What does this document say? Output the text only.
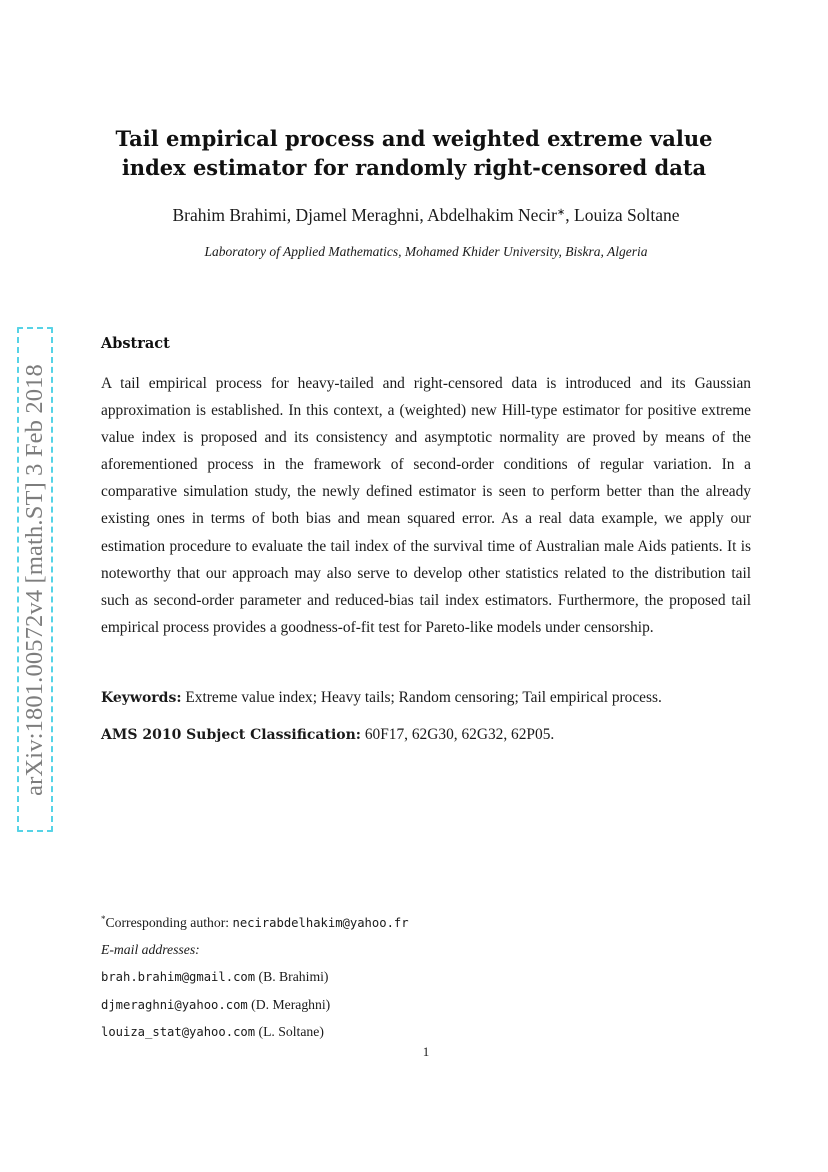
arXiv:1801.00572v4 [math.ST] 3 Feb 2018
Tail empirical process and weighted extreme value
index estimator for randomly right-censored data
Brahim Brahimi, Djamel Meraghni, Abdelhakim Necir∗, Louiza Soltane
Laboratory of Applied Mathematics, Mohamed Khider University, Biskra, Algeria
Abstract
A tail empirical process for heavy-tailed and right-censored data is introduced and its Gaussian approximation is established. In this context, a (weighted) new Hill-type estimator for positive extreme value index is proposed and its consistency and asymptotic normality are proved by means of the aforementioned process in the framework of second-order conditions of regular variation. In a comparative simulation study, the newly defined estimator is seen to perform better than the already existing ones in terms of both bias and mean squared error. As a real data example, we apply our estimation procedure to evaluate the tail index of the survival time of Australian male Aids patients. It is noteworthy that our approach may also serve to develop other statistics related to the distribution tail such as second-order parameter and reduced-bias tail index estimators. Furthermore, the proposed tail empirical process provides a goodness-of-fit test for Pareto-like models under censorship.
Keywords: Extreme value index; Heavy tails; Random censoring; Tail empirical process.
AMS 2010 Subject Classification: 60F17, 62G30, 62G32, 62P05.
*Corresponding author: necirabdelhakim@yahoo.fr
E-mail addresses:
brah.brahim@gmail.com (B. Brahimi)
djmeraghni@yahoo.com (D. Meraghni)
louiza_stat@yahoo.com (L. Soltane)
1
